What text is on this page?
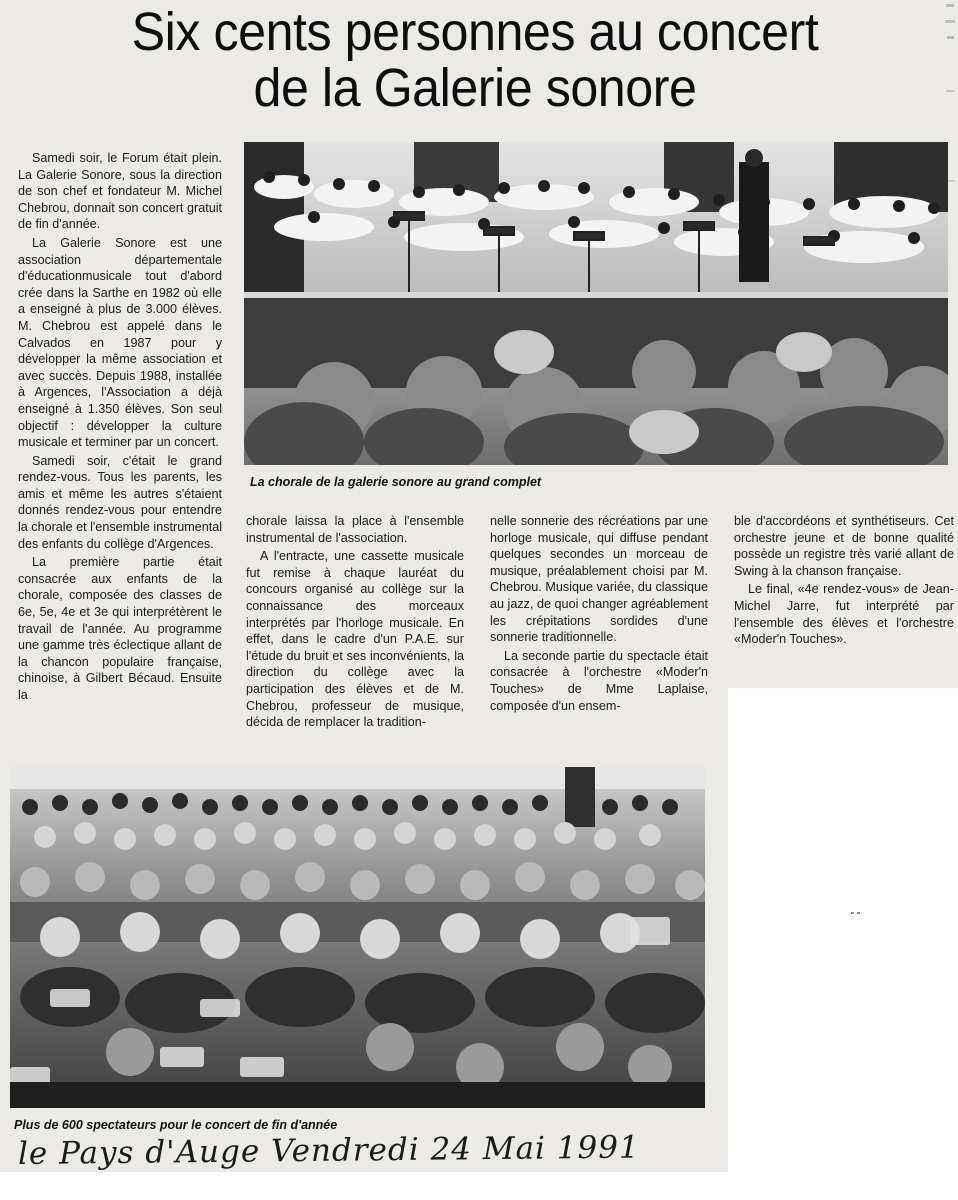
Six cents personnes au concert
de la Galerie sonore

Samedi soir, le Forum était plein. La Galerie Sonore, sous la direction de son chef et fondateur M. Michel Chebrou, donnait son concert gratuit de fin d'année.

La Galerie Sonore est une association départementale d'éducationmusicale tout d'abord crée dans la Sarthe en 1982 où elle a enseigné à plus de 3.000 élèves. M. Chebrou est appelé dans le Calvados en 1987 pour y développer la même association et avec succès. Depuis 1988, installée à Argences, l'Association a déjà enseigné à 1.350 élèves. Son seul objectif : développer la culture musicale et terminer par un concert.

Samedi soir, c'était le grand rendez-vous. Tous les parents, les amis et même les autres s'étaient donnés rendez-vous pour entendre la chorale et l'ensemble instrumental des enfants du collège d'Argences.

La première partie était consacrée aux enfants de la chorale, composée des classes de 6e, 5e, 4e et 3e qui interprétèrent le travail de l'année. Au programme une gamme très éclectique allant de la chancon populaire française, chinoise, à Gilbert Bécaud. Ensuite la

chorale laissa la place à l'ensemble instrumental de l'association.

A l'entracte, une cassette musicale fut remise à chaque lauréat du concours organisé au collège sur la connaissance des morceaux interprétés par l'horloge musicale. En effet, dans le cadre d'un P.A.E. sur l'étude du bruit et ses inconvénients, la direction du collège avec la participation des élèves et de M. Chebrou, professeur de musique, décida de remplacer la tradition-

nelle sonnerie des récréations par une horloge musicale, qui diffuse pendant quelques secondes un morceau de musique, préalablement choisi par M. Chebrou. Musique variée, du classique au jazz, de quoi changer agréablement les crépitations sordides d'une sonnerie traditionnelle.

La seconde partie du spectacle était consacrée à l'orchestre «Moder'n Touches» de Mme Laplaise, composée d'un ensem-

ble d'accordéons et synthétiseurs. Cet orchestre jeune et de bonne qualité possède un registre très varié allant de Swing à la chanson française.

Le final, «4e rendez-vous» de Jean-Michel Jarre, fut interprété par l'ensemble des élèves et l'orchestre «Moder'n Touches».

La chorale de la galerie sonore au grand complet
Plus de 600 spectateurs pour le concert de fin d'année
le Pays d'Auge Vendredi 24 Mai 1991
